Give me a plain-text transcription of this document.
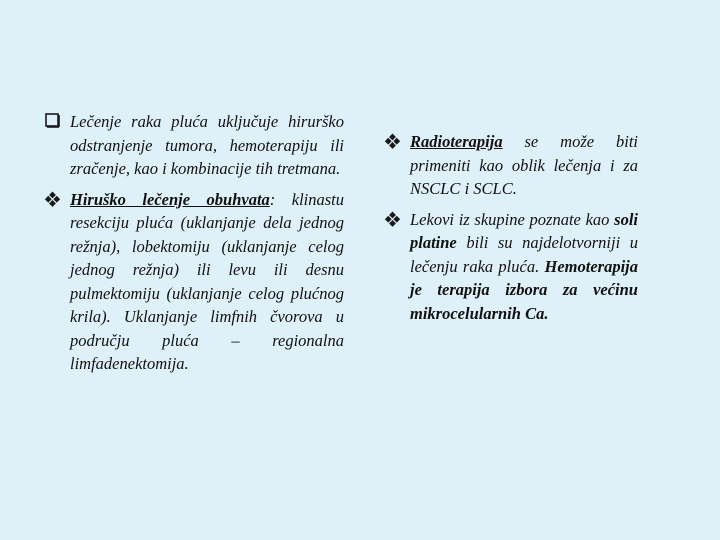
Lečenje raka pluća uključuje hirurško odstranjenje tumora, hemoterapiju ili zračenje, kao i kombinacije tih tretmana.
Hiruško lečenje obuhvata: klinastu resekciju pluća (uklanjanje dela jednog režnja), lobektomiju (uklanjanje celog jednog režnja) ili levu ili desnu pulmektomiju (uklanjanje celog plućnog krila). Uklanjanje limfnih čvorova u području pluća – regionalna limfadenektomija.
Radioterapija se može biti primeniti kao oblik lečenja i za NSCLC i SCLC.
Lekovi iz skupine poznate kao soli platine bili su najdelotvorniji u lečenju raka pluća. Hemoterapija je terapija izbora za većinu mikrocelularnih Ca.
